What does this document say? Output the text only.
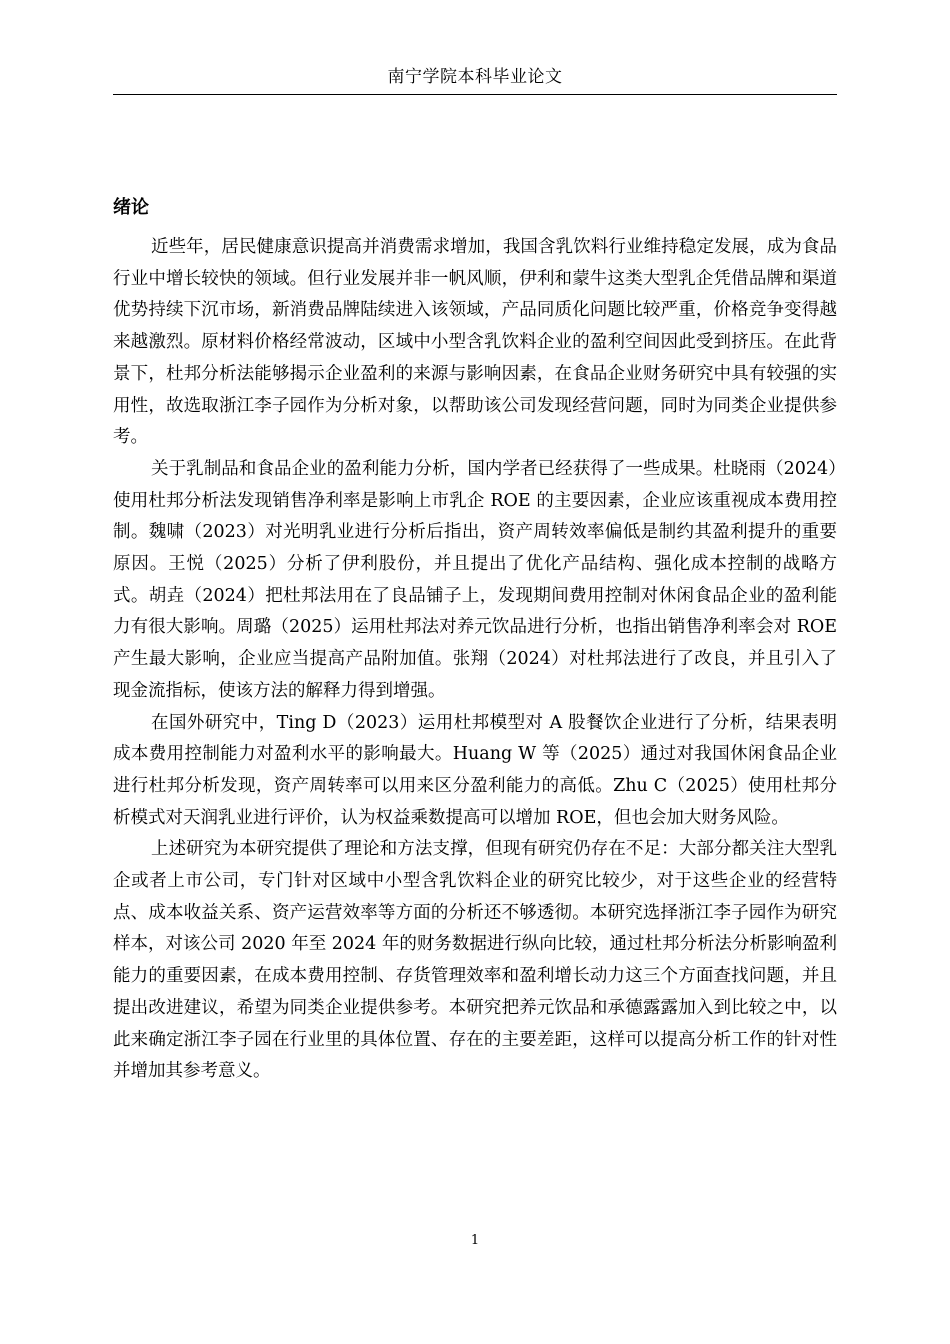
南宁学院本科毕业论文
绪论

近些年，居民健康意识提高并消费需求增加，我国含乳饮料行业维持稳定发展，成为食品行业中增长较快的领域。但行业发展并非一帆风顺，伊利和蒙牛这类大型乳企凭借品牌和渠道优势持续下沉市场，新消费品牌陆续进入该领域，产品同质化问题比较严重，价格竞争变得越来越激烈。原材料价格经常波动，区域中小型含乳饮料企业的盈利空间因此受到挤压。在此背景下，杜邦分析法能够揭示企业盈利的来源与影响因素，在食品企业财务研究中具有较强的实用性，故选取浙江李子园作为分析对象，以帮助该公司发现经营问题，同时为同类企业提供参考。

关于乳制品和食品企业的盈利能力分析，国内学者已经获得了一些成果。杜晓雨（2024）使用杜邦分析法发现销售净利率是影响上市乳企 ROE 的主要因素，企业应该重视成本费用控制。魏啸（2023）对光明乳业进行分析后指出，资产周转效率偏低是制约其盈利提升的重要原因。王悦（2025）分析了伊利股份，并且提出了优化产品结构、强化成本控制的战略方式。胡垚（2024）把杜邦法用在了良品铺子上，发现期间费用控制对休闲食品企业的盈利能力有很大影响。周璐（2025）运用杜邦法对养元饮品进行分析，也指出销售净利率会对 ROE 产生最大影响，企业应当提高产品附加值。张翔（2024）对杜邦法进行了改良，并且引入了现金流指标，使该方法的解释力得到增强。

在国外研究中，Ting D（2023）运用杜邦模型对 A 股餐饮企业进行了分析，结果表明成本费用控制能力对盈利水平的影响最大。Huang W 等（2025）通过对我国休闲食品企业进行杜邦分析发现，资产周转率可以用来区分盈利能力的高低。Zhu C（2025）使用杜邦分析模式对天润乳业进行评价，认为权益乘数提高可以增加 ROE，但也会加大财务风险。

上述研究为本研究提供了理论和方法支撑，但现有研究仍存在不足：大部分都关注大型乳企或者上市公司，专门针对区域中小型含乳饮料企业的研究比较少，对于这些企业的经营特点、成本收益关系、资产运营效率等方面的分析还不够透彻。本研究选择浙江李子园作为研究样本，对该公司 2020 年至 2024 年的财务数据进行纵向比较，通过杜邦分析法分析影响盈利能力的重要因素，在成本费用控制、存货管理效率和盈利增长动力这三个方面查找问题，并且提出改进建议，希望为同类企业提供参考。本研究把养元饮品和承德露露加入到比较之中，以此来确定浙江李子园在行业里的具体位置、存在的主要差距，这样可以提高分析工作的针对性并增加其参考意义。

1
